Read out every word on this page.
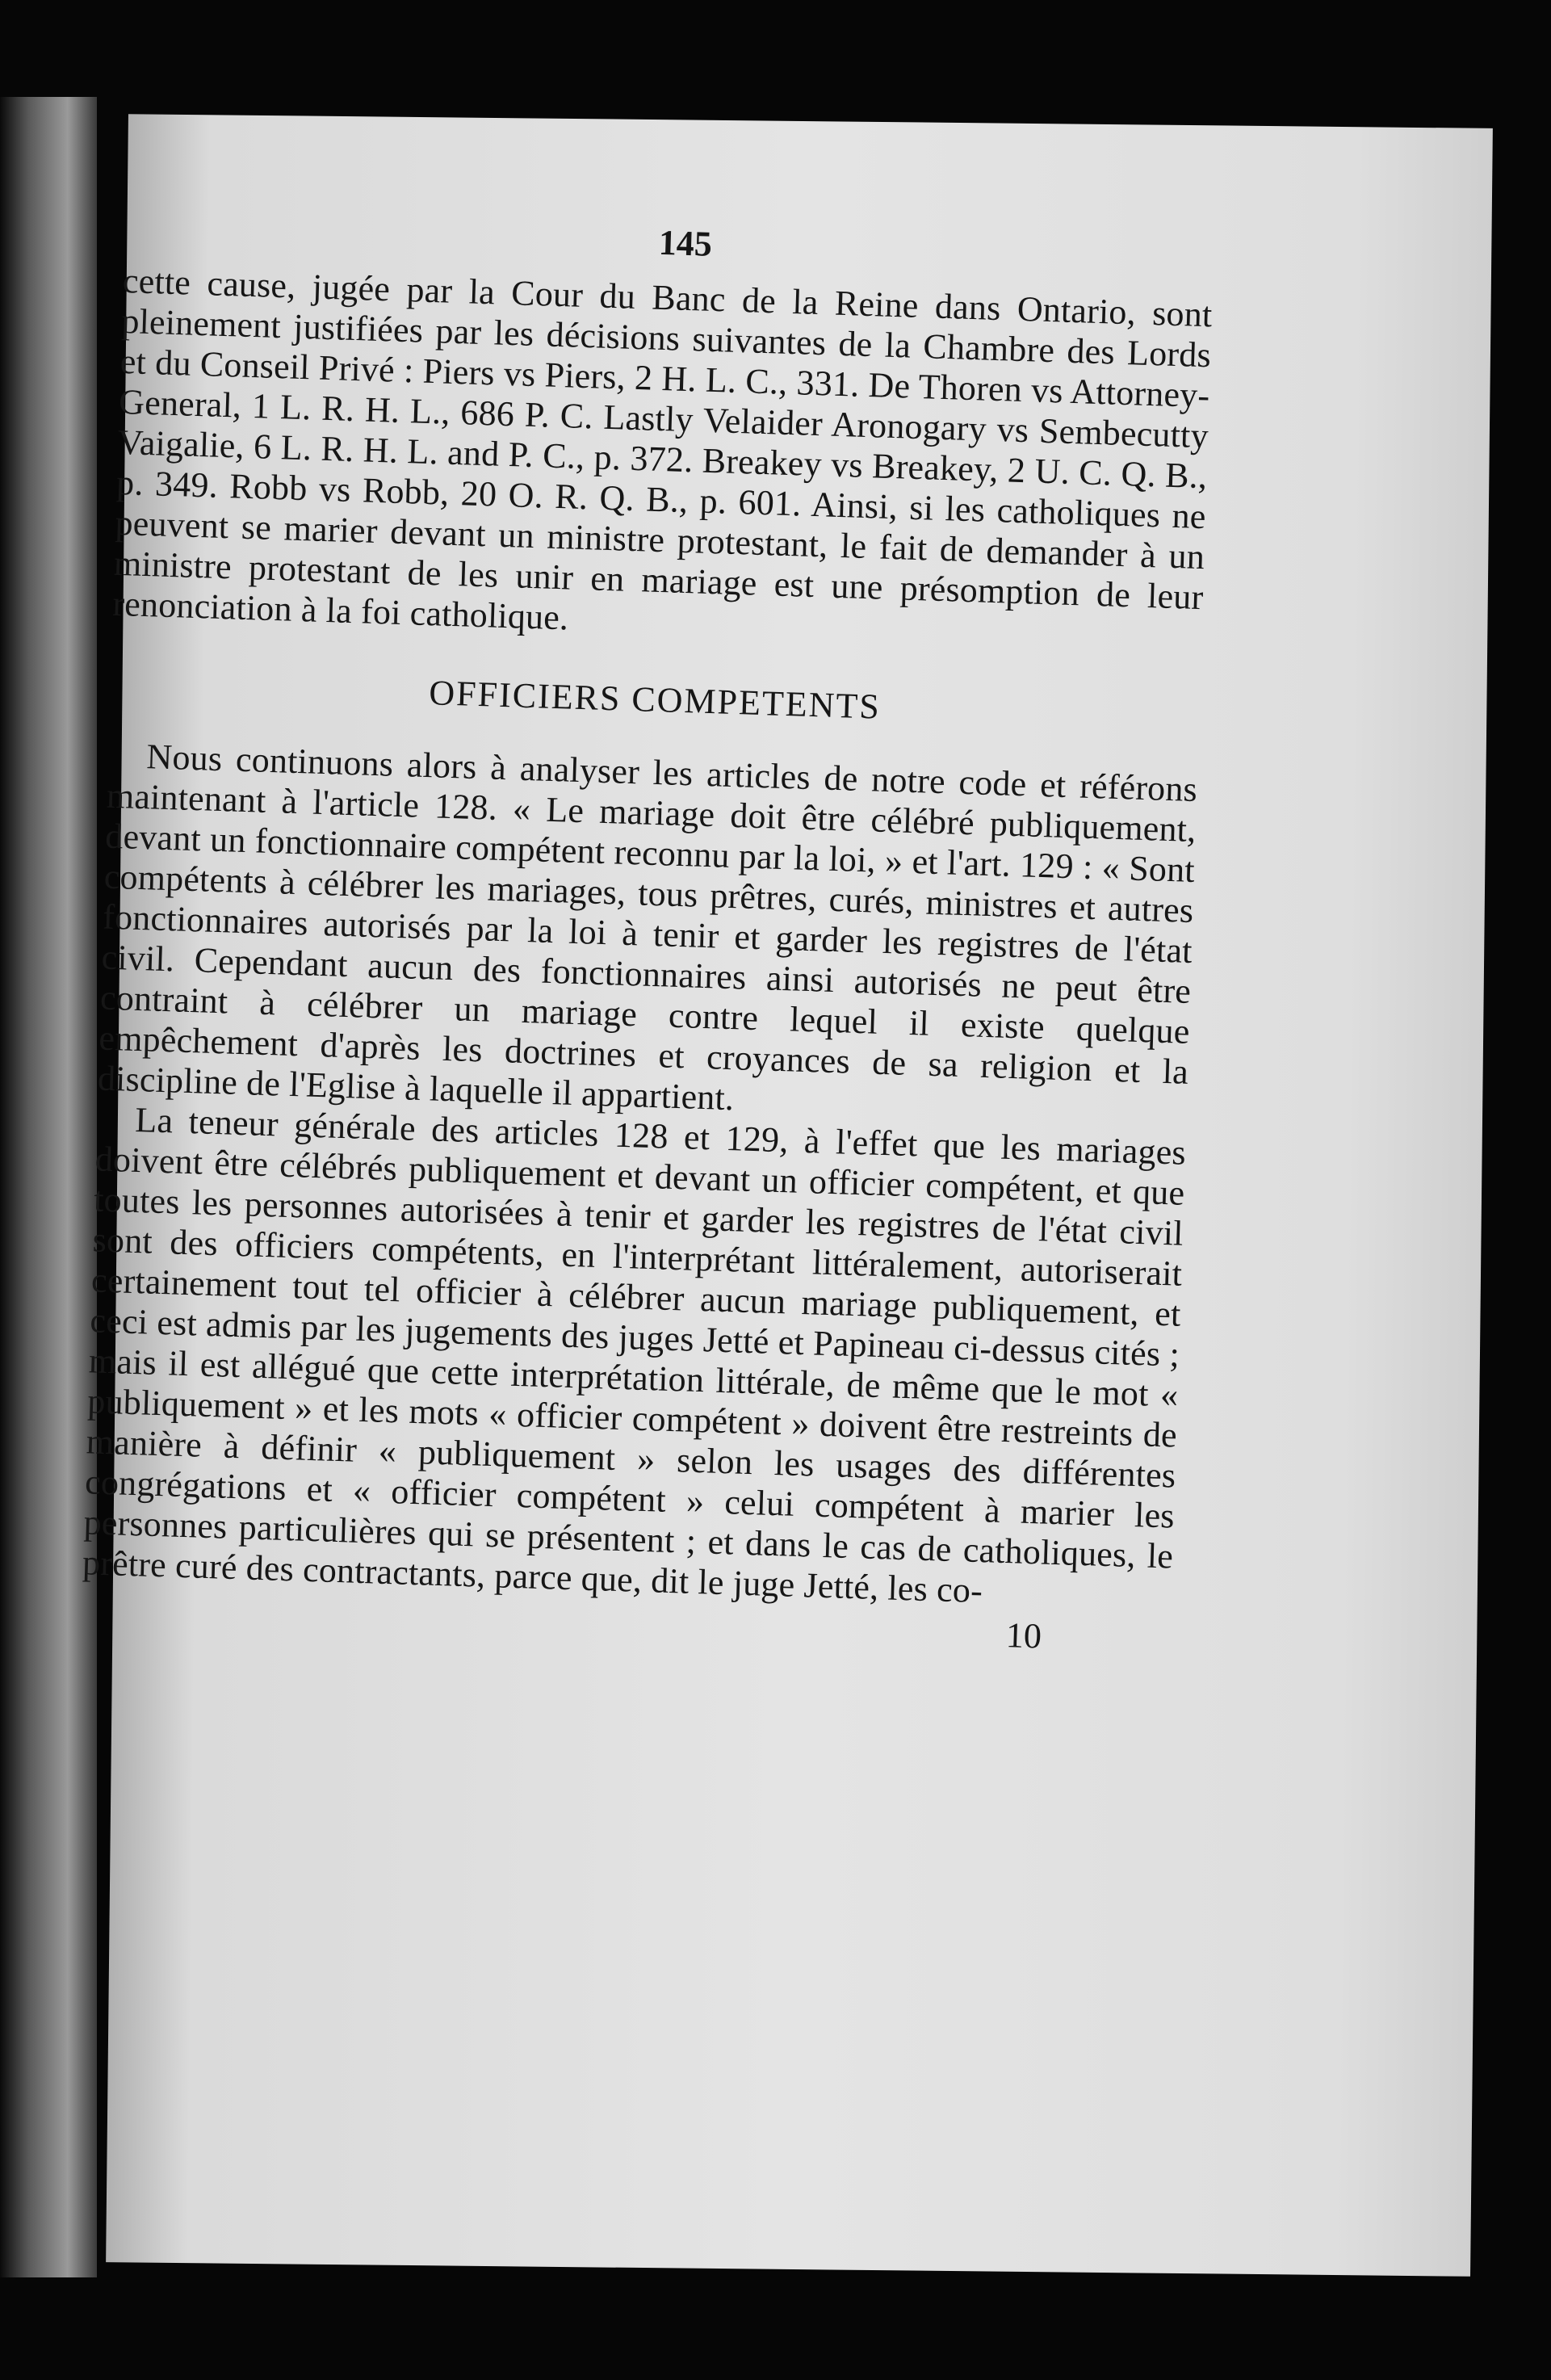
145

cette cause, jugée par la Cour du Banc de la Reine dans Ontario, sont pleinement justifiées par les décisions suivantes de la Chambre des Lords et du Conseil Privé : Piers vs Piers, 2 H. L. C., 331. De Thoren vs Attorney-General, 1 L. R. H. L., 686 P. C. Lastly Velaider Aronogary vs Sembecutty Vaigalie, 6 L. R. H. L. and P. C., p. 372. Breakey vs Breakey, 2 U. C. Q. B., p. 349. Robb vs Robb, 20 O. R. Q. B., p. 601. Ainsi, si les catholiques ne peuvent se marier devant un ministre protestant, le fait de demander à un ministre protestant de les unir en mariage est une présomption de leur renonciation à la foi catholique.

OFFICIERS COMPETENTS

Nous continuons alors à analyser les articles de notre code et référons maintenant à l'article 128. « Le mariage doit être célébré publiquement, devant un fonctionnaire compétent reconnu par la loi, » et l'art. 129 : « Sont compétents à célébrer les mariages, tous prêtres, curés, ministres et autres fonctionnaires autorisés par la loi à tenir et garder les registres de l'état civil. Cependant aucun des fonctionnaires ainsi autorisés ne peut être contraint à célébrer un mariage contre lequel il existe quelque empêchement d'après les doctrines et croyances de sa religion et la discipline de l'Eglise à laquelle il appartient.

La teneur générale des articles 128 et 129, à l'effet que les mariages doivent être célébrés publiquement et devant un officier compétent, et que toutes les personnes autorisées à tenir et garder les registres de l'état civil sont des officiers compétents, en l'interprétant littéralement, autoriserait certainement tout tel officier à célébrer aucun mariage publiquement, et ceci est admis par les jugements des juges Jetté et Papineau ci-dessus cités ; mais il est allégué que cette interprétation littérale, de même que le mot « publiquement » et les mots « officier compétent » doivent être restreints de manière à définir « publiquement » selon les usages des différentes congrégations et « officier compétent » celui compétent à marier les personnes particulières qui se présentent ; et dans le cas de catholiques, le prêtre curé des contractants, parce que, dit le juge Jetté, les co-

10
